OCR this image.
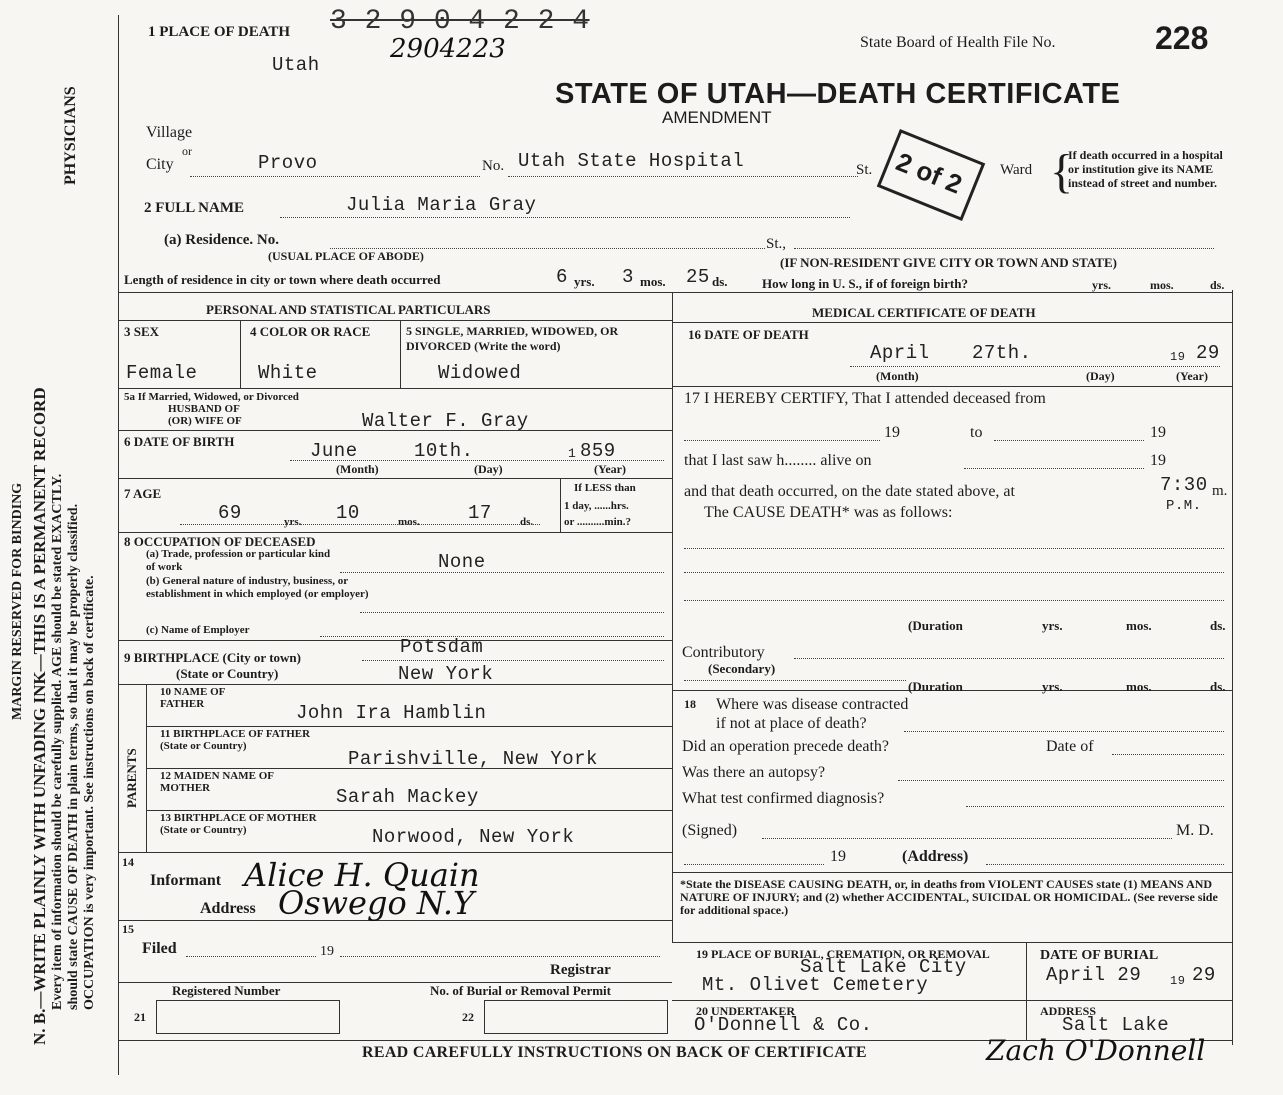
MARGIN RESERVED FOR BINDING N. B.—WRITE PLAINLY WITH UNFADING INK—THIS IS A PERMANENT RECORD Every item of information should be carefully supplied. AGE should be stated EXACTLY. should state CAUSE OF DEATH in plain terms, so that it may be properly classified. OCCUPATION is very important. See instructions on back of certificate.
PHYSICIANS
1 PLACE OF DEATH 3 2 9 0 4 2 2 4
2904223
Utah
State Board of Health File No.	228
STATE OF UTAH—DEATH CERTIFICATE
AMENDMENT
Village
or
City	Provo	No. Utah State Hospital	St. 2 of 2 Ward {
If death occurred in a hospital or institution give its NAME instead of street and number.
2 FULL NAME	Julia Maria Gray
(a) Residence. No.
(USUAL PLACE OF ABODE)
St.,
(IF NON-RESIDENT GIVE CITY OR TOWN AND STATE)
Length of residence in city or town where death occurred	6 yrs. 3 mos. 25 ds.	How long in U. S., if of foreign birth?	yrs.	mos.	ds.
PERSONAL AND STATISTICAL PARTICULARS
3 SEX
Female
4 COLOR OR RACE
White
5 SINGLE, MARRIED, WIDOWED, OR DIVORCED (Write the word)
Widowed
5a If Married, Widowed, or Divorced
HUSBAND OF
(OR) WIFE OF	Walter F. Gray
6 DATE OF BIRTH	June	10th.	1 859
(Month)	(Day)	(Year)
7 AGE
69	yrs. 10	mos.	17	ds.
If LESS than
1 day, ......hrs.
or ..........min.?
8 OCCUPATION OF DECEASED
(a) Trade, profession or particular kind of work	None
(b) General nature of industry, business, or establishment in which employed (or employer)
(c) Name of Employer
9 BIRTHPLACE (City or town)	Potsdam
(State or Country)	New York
PARENTS
10 NAME OF FATHER	John Ira Hamblin
11 BIRTHPLACE OF FATHER (State or Country)
Parishville, New York
12 MAIDEN NAME OF MOTHER	Sarah Mackey
13 BIRTHPLACE OF MOTHER (State or Country)	Norwood, New York
14
Informant Alice H. Quain
Address Oswego N.Y
15
Filed	19
Registrar
Registered Number	No. of Burial or Removal Permit
21	22
MEDICAL CERTIFICATE OF DEATH
16 DATE OF DEATH
April 27th.	19 29
(Month)	(Day)	(Year)
17 I HEREBY CERTIFY, That I attended deceased from
19	to	19
that I last saw h........ alive on	19
and that death occurred, on the date stated above, at	7:30 m.
P.M.
The CAUSE DEATH* was as follows:
(Duration	yrs.	mos.	ds.
Contributory
(Secondary)
(Duration	yrs.	mos.	ds.
18 Where was disease contracted
if not at place of death?
Did an operation precede death?	Date of
Was there an autopsy?
What test confirmed diagnosis?
(Signed)	M. D.
19	(Address)
*State the DISEASE CAUSING DEATH, or, in deaths from VIOLENT CAUSES state (1) MEANS AND NATURE OF INJURY; and (2) whether ACCIDENTAL, SUICIDAL OR HOMICIDAL. (See reverse side for additional space.)
19 PLACE OF BURIAL, CREMATION, OR REMOVAL
Salt Lake City
Mt. Olivet Cemetery
DATE OF BURIAL
April 29 19 29
20 UNDERTAKER
O'Donnell & Co.
ADDRESS
Salt Lake
READ CAREFULLY INSTRUCTIONS ON BACK OF CERTIFICATE	Zach O'Donnell
